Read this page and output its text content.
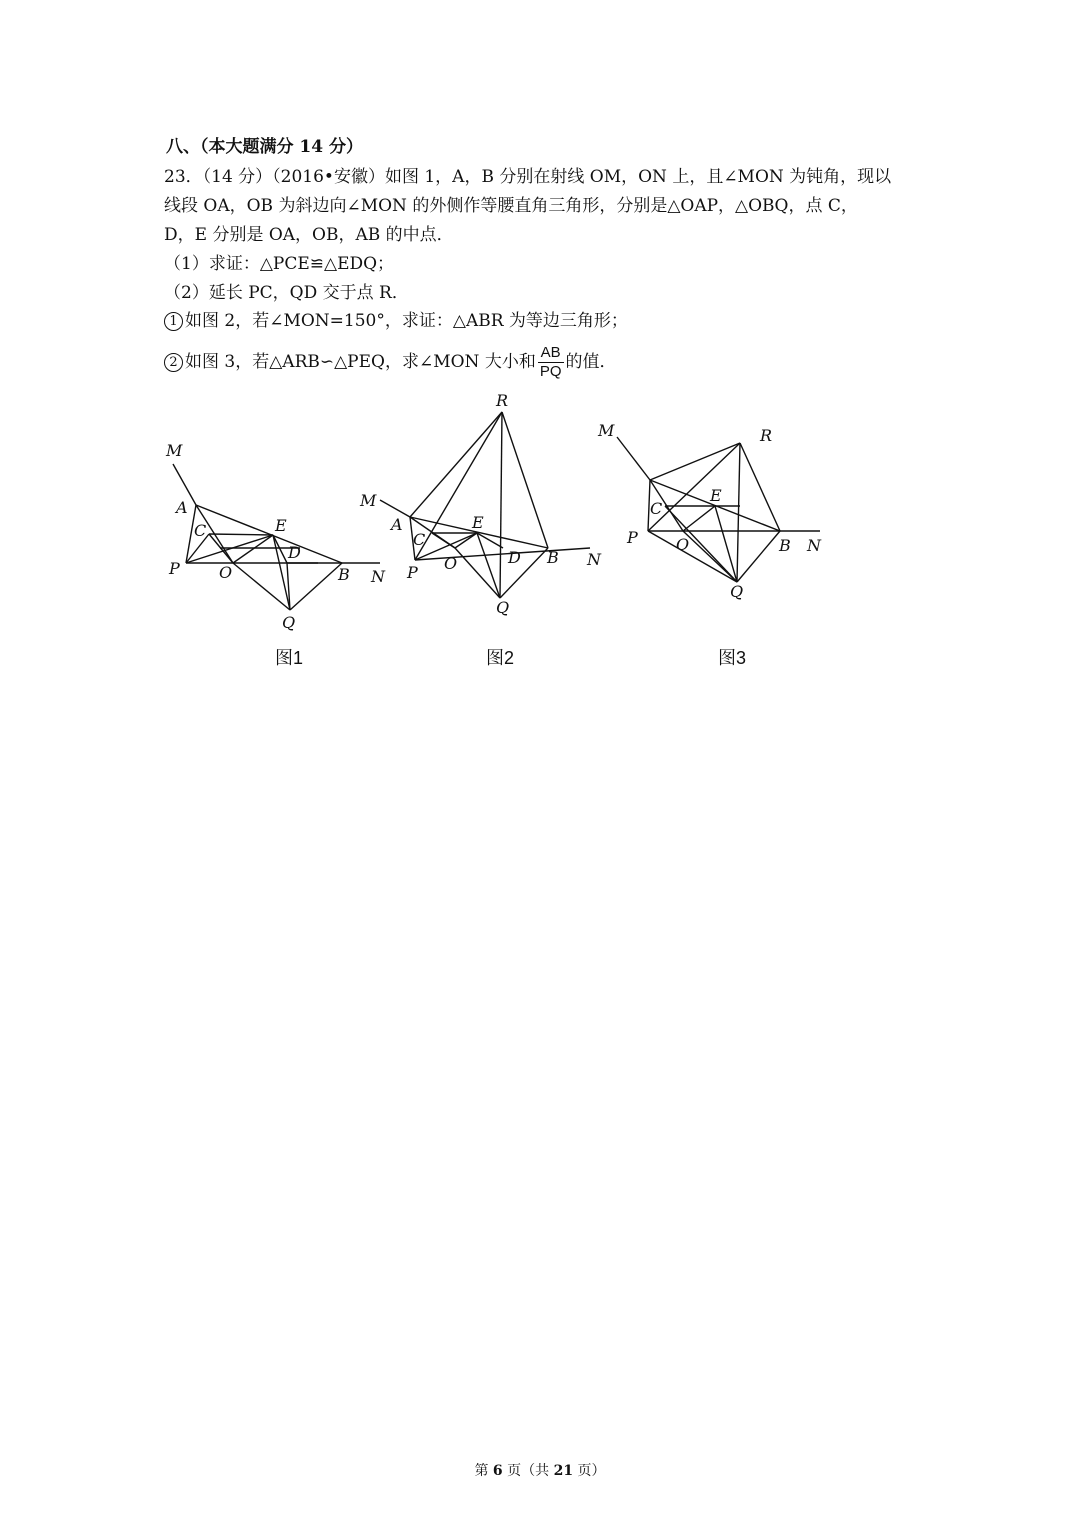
八、（本大题满分 14 分）
23．（14 分）（2016•安徽）如图 1，A，B 分别在射线 OM，ON 上，且∠MON 为钝角，现以
线段 OA，OB 为斜边向∠MON 的外侧作等腰直角三角形，分别是△OAP，△OBQ，点 C，
D，E 分别是 OA，OB，AB 的中点．
（1）求证：△PCE≌△EDQ；
（2）延长 PC，QD 交于点 R．
1 如图 2，若∠MON=150°，求证：△ABR 为等边三角形；
2 如图 3，若△ARB∽△PEQ，求∠MON 大小和 $\frac{AB}{PQ}$ 的值．
M
A
C	E
D
P O	B N
Q
R
M
A
C
E
P O	D B N
Q
M	R
E
C
P O	B N
Q
图1	图2	图3
第 6 页（共 21 页）
